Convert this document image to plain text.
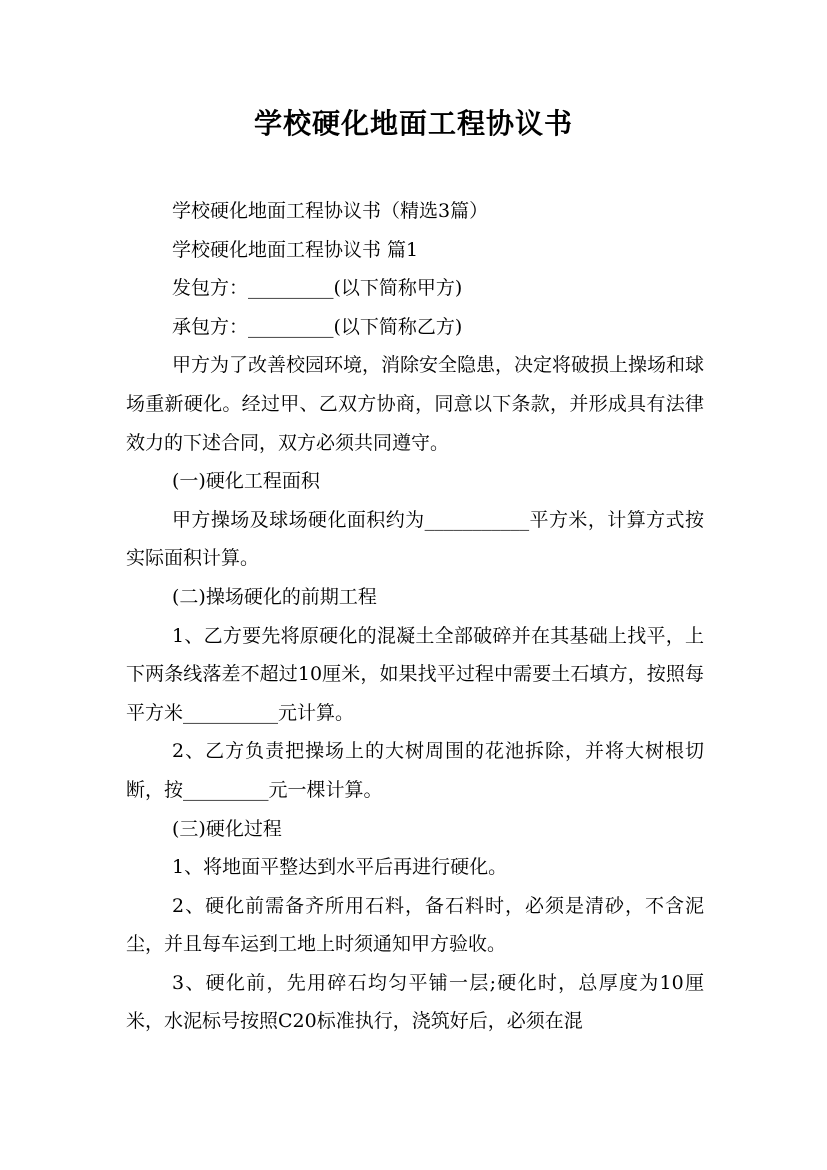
学校硬化地面工程协议书

学校硬化地面工程协议书（精选3篇）

学校硬化地面工程协议书 篇1

发包方：_________(以下简称甲方)

承包方：_________(以下简称乙方)

甲方为了改善校园环境，消除安全隐患，决定将破损上操场和球场重新硬化。经过甲、乙双方协商，同意以下条款，并形成具有法律效力的下述合同，双方必须共同遵守。

(一)硬化工程面积

甲方操场及球场硬化面积约为___________平方米，计算方式按实际面积计算。

(二)操场硬化的前期工程

1、乙方要先将原硬化的混凝土全部破碎并在其基础上找平，上下两条线落差不超过10厘米，如果找平过程中需要土石填方，按照每平方米__________元计算。

2、乙方负责把操场上的大树周围的花池拆除，并将大树根切断，按_________元一棵计算。

(三)硬化过程

1、将地面平整达到水平后再进行硬化。

2、硬化前需备齐所用石料，备石料时，必须是清砂，不含泥尘，并且每车运到工地上时须通知甲方验收。

3、硬化前，先用碎石均匀平铺一层;硬化时，总厚度为10厘米，水泥标号按照C20标准执行，浇筑好后，必须在混
